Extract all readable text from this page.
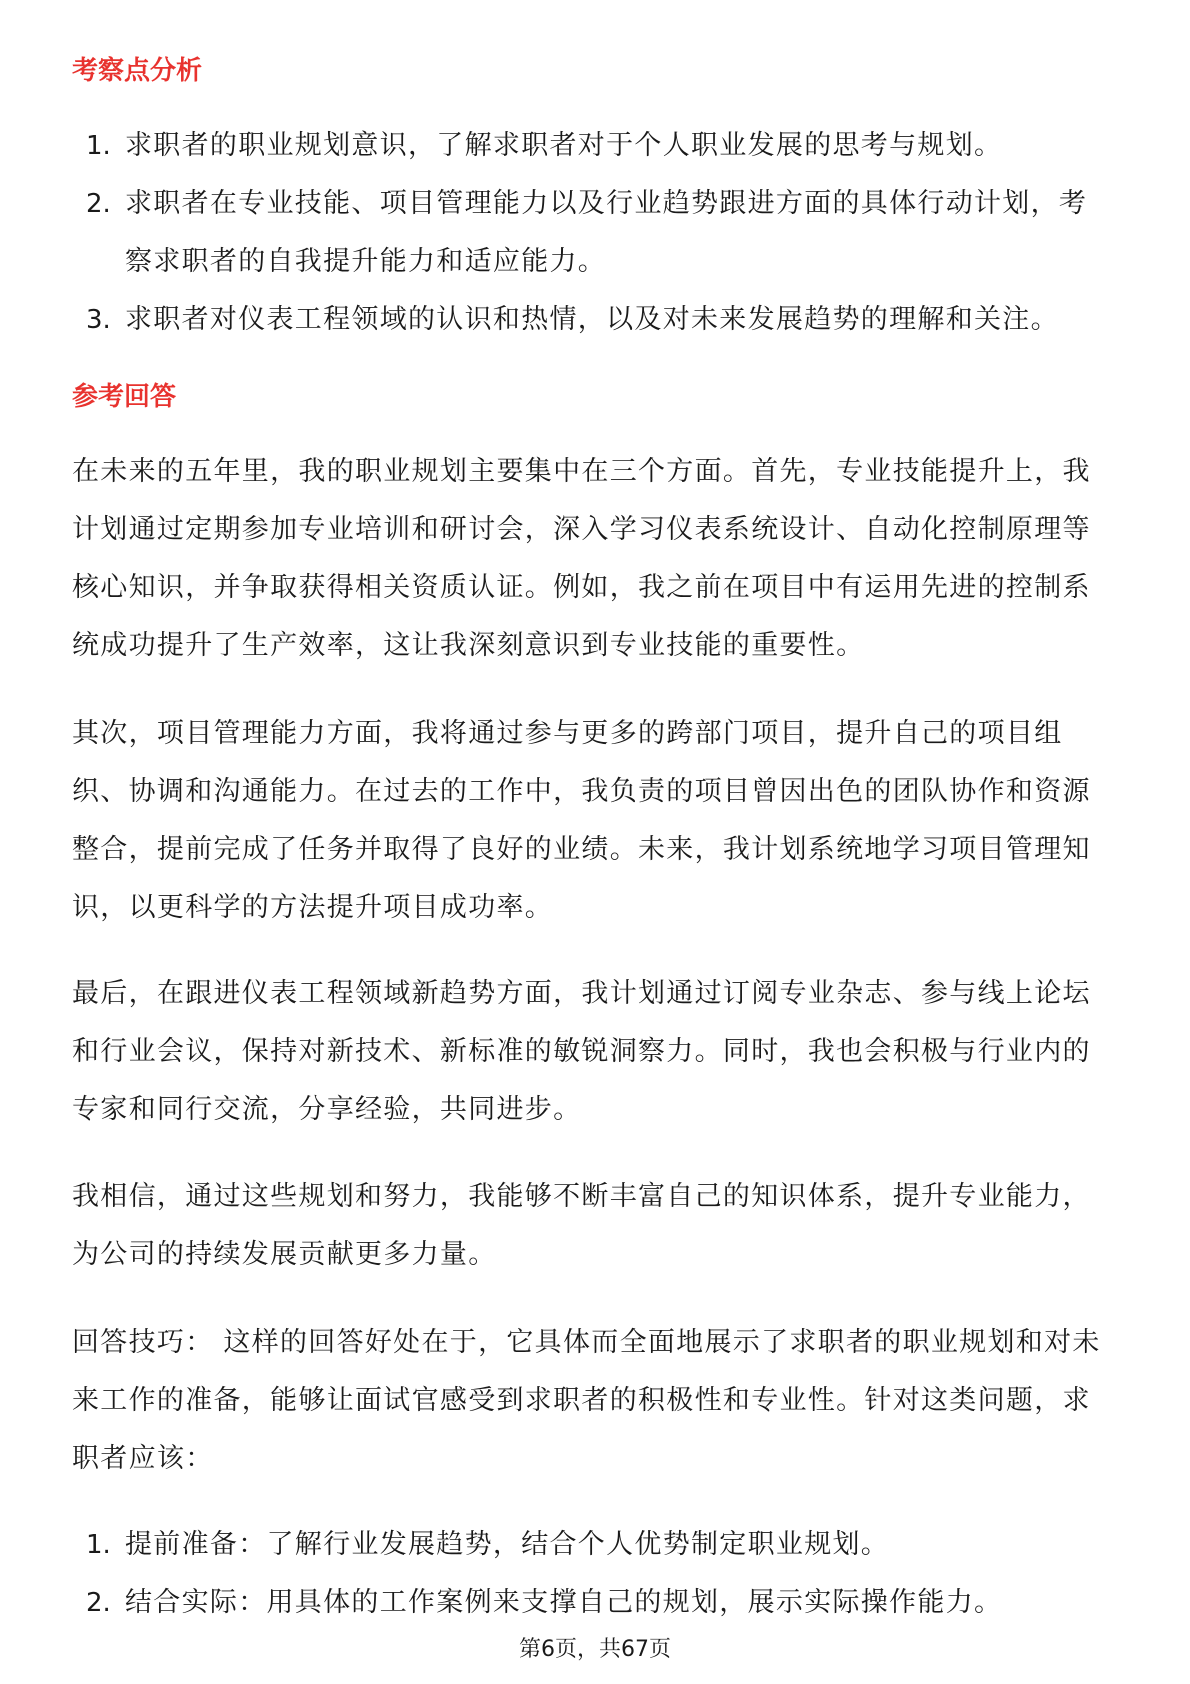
考察点分析
1. 求职者的职业规划意识，了解求职者对于个人职业发展的思考与规划。
2. 求职者在专业技能、项目管理能力以及行业趋势跟进方面的具体行动计划，考
察求职者的自我提升能力和适应能力。
3. 求职者对仪表工程领域的认识和热情，以及对未来发展趋势的理解和关注。
参考回答
在未来的五年里，我的职业规划主要集中在三个方面。首先，专业技能提升上，我
计划通过定期参加专业培训和研讨会，深入学习仪表系统设计、自动化控制原理等
核心知识，并争取获得相关资质认证。例如，我之前在项目中有运用先进的控制系
统成功提升了生产效率，这让我深刻意识到专业技能的重要性。
其次，项目管理能力方面，我将通过参与更多的跨部门项目，提升自己的项目组
织、协调和沟通能力。在过去的工作中，我负责的项目曾因出色的团队协作和资源
整合，提前完成了任务并取得了良好的业绩。未来，我计划系统地学习项目管理知
识，以更科学的方法提升项目成功率。
最后，在跟进仪表工程领域新趋势方面，我计划通过订阅专业杂志、参与线上论坛
和行业会议，保持对新技术、新标准的敏锐洞察力。同时，我也会积极与行业内的
专家和同行交流，分享经验，共同进步。
我相信，通过这些规划和努力，我能够不断丰富自己的知识体系，提升专业能力，
为公司的持续发展贡献更多力量。
回答技巧： 这样的回答好处在于，它具体而全面地展示了求职者的职业规划和对未
来工作的准备，能够让面试官感受到求职者的积极性和专业性。针对这类问题，求
职者应该：
1. 提前准备：了解行业发展趋势，结合个人优势制定职业规划。
2. 结合实际：用具体的工作案例来支撑自己的规划，展示实际操作能力。
第6页，共67页
